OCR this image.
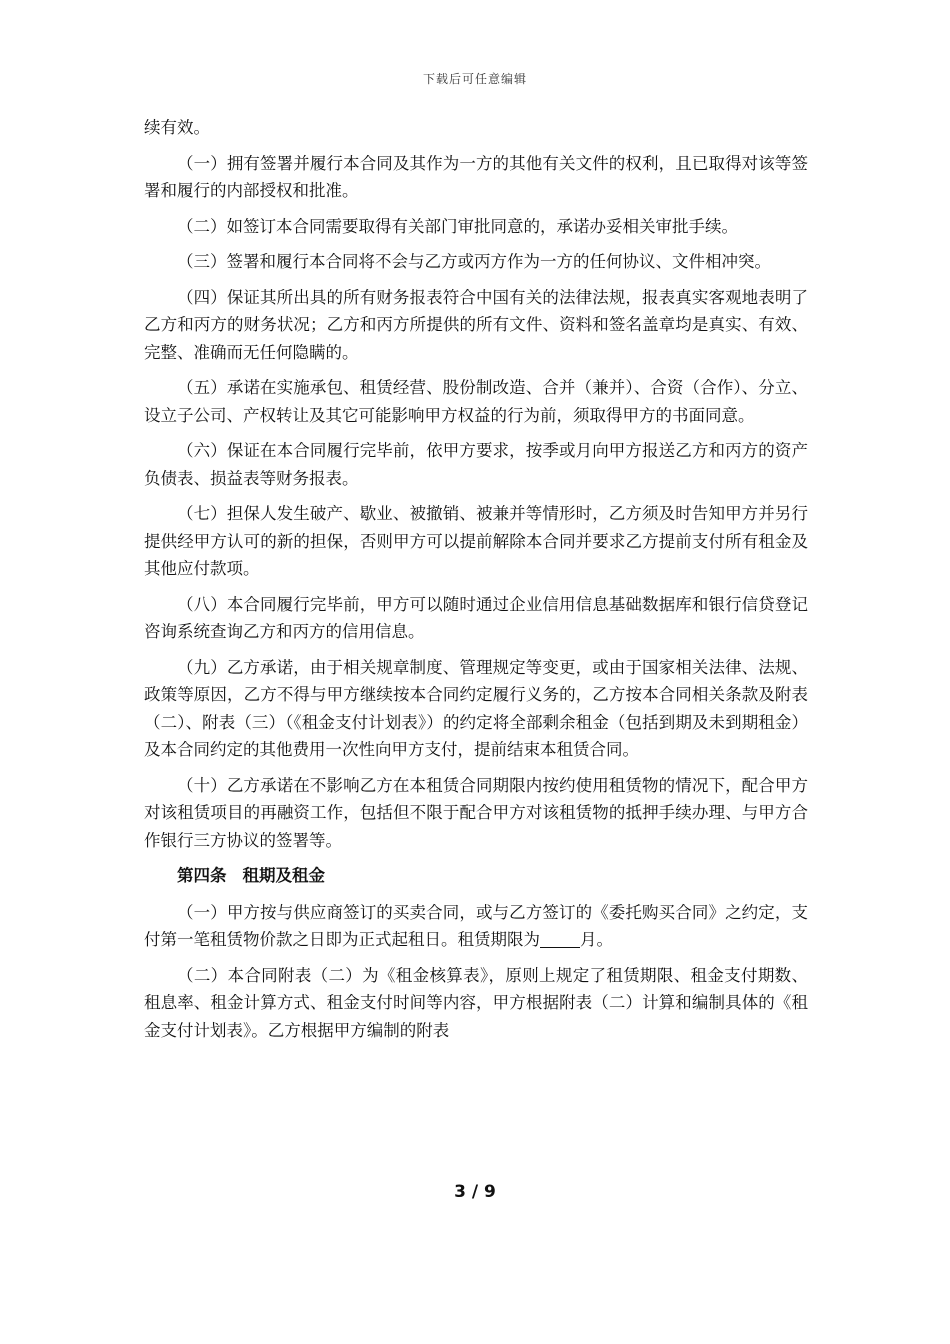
下载后可任意编辑

续有效。

（一）拥有签署并履行本合同及其作为一方的其他有关文件的权利，且已取得对该等签署和履行的内部授权和批准。

（二）如签订本合同需要取得有关部门审批同意的，承诺办妥相关审批手续。

（三）签署和履行本合同将不会与乙方或丙方作为一方的任何协议、文件相冲突。

（四）保证其所出具的所有财务报表符合中国有关的法律法规，报表真实客观地表明了乙方和丙方的财务状况；乙方和丙方所提供的所有文件、资料和签名盖章均是真实、有效、完整、准确而无任何隐瞒的。

（五）承诺在实施承包、租赁经营、股份制改造、合并（兼并）、合资（合作）、分立、设立子公司、产权转让及其它可能影响甲方权益的行为前，须取得甲方的书面同意。

（六）保证在本合同履行完毕前，依甲方要求，按季或月向甲方报送乙方和丙方的资产负债表、损益表等财务报表。

（七）担保人发生破产、歇业、被撤销、被兼并等情形时，乙方须及时告知甲方并另行提供经甲方认可的新的担保，否则甲方可以提前解除本合同并要求乙方提前支付所有租金及其他应付款项。

（八）本合同履行完毕前，甲方可以随时通过企业信用信息基础数据库和银行信贷登记咨询系统查询乙方和丙方的信用信息。

（九）乙方承诺，由于相关规章制度、管理规定等变更，或由于国家相关法律、法规、政策等原因，乙方不得与甲方继续按本合同约定履行义务的，乙方按本合同相关条款及附表（二）、附表（三）（《租金支付计划表》）的约定将全部剩余租金（包括到期及未到期租金）及本合同约定的其他费用一次性向甲方支付，提前结束本租赁合同。

（十）乙方承诺在不影响乙方在本租赁合同期限内按约使用租赁物的情况下，配合甲方对该租赁项目的再融资工作，包括但不限于配合甲方对该租赁物的抵押手续办理、与甲方合作银行三方协议的签署等。

第四条 租期及租金

（一）甲方按与供应商签订的买卖合同，或与乙方签订的《委托购买合同》之约定，支付第一笔租赁物价款之日即为正式起租日。租赁期限为 月。

（二）本合同附表（二）为《租金核算表》，原则上规定了租赁期限、租金支付期数、租息率、租金计算方式、租金支付时间等内容，甲方根据附表（二）计算和编制具体的《租金支付计划表》。乙方根据甲方编制的附表

3 / 9
